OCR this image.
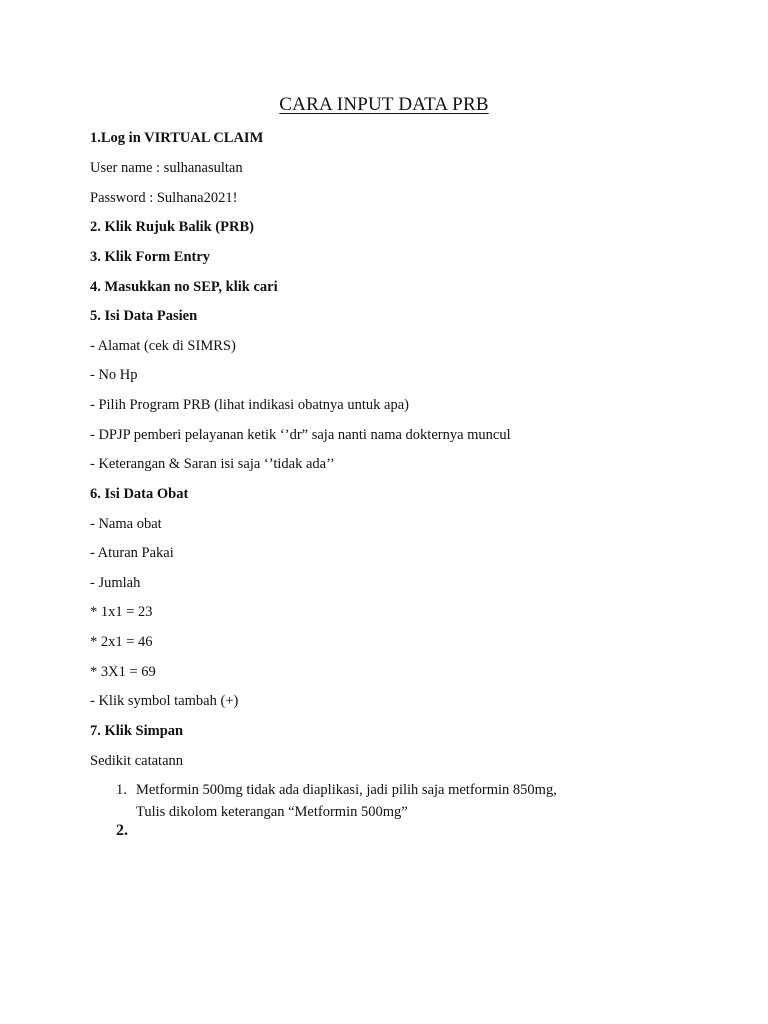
CARA INPUT DATA PRB
1.Log in VIRTUAL CLAIM
User name : sulhanasultan
Password : Sulhana2021!
2. Klik Rujuk Balik (PRB)
3. Klik Form Entry
4. Masukkan no SEP, klik cari
5. Isi Data Pasien
- Alamat (cek di SIMRS)
- No Hp
- Pilih Program PRB (lihat indikasi obatnya untuk apa)
- DPJP pemberi pelayanan ketik ‘’dr” saja nanti nama dokternya muncul
- Keterangan & Saran isi saja ‘’tidak ada’’
6. Isi Data Obat
- Nama obat
- Aturan Pakai
- Jumlah
* 1x1 = 23
* 2x1 = 46
* 3X1 = 69
- Klik symbol tambah (+)
7. Klik Simpan
Sedikit catatann
1. Metformin 500mg tidak ada diaplikasi, jadi pilih saja metformin 850mg,
Tulis dikolom keterangan “Metformin 500mg”
2.
